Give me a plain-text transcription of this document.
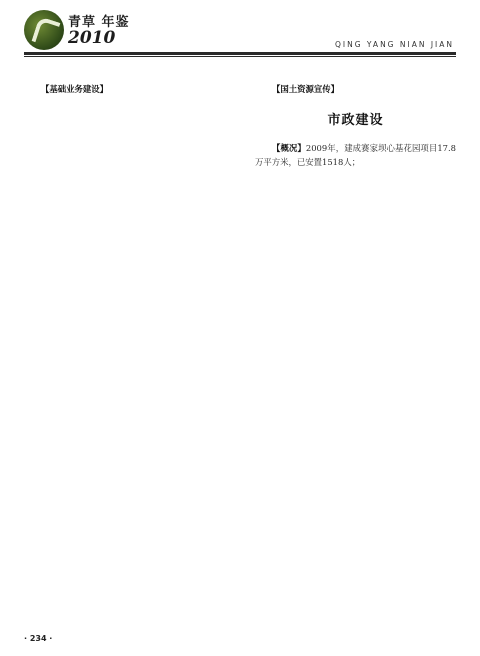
青草 年鉴
2010	QING YANG NIAN JIAN

【基础业务建设】	【国土资源宣传】

市政建设

【概况】2009年，建成赛家坝心基花园项目17.8万平方米，已安置1518人；

· 234 ·
